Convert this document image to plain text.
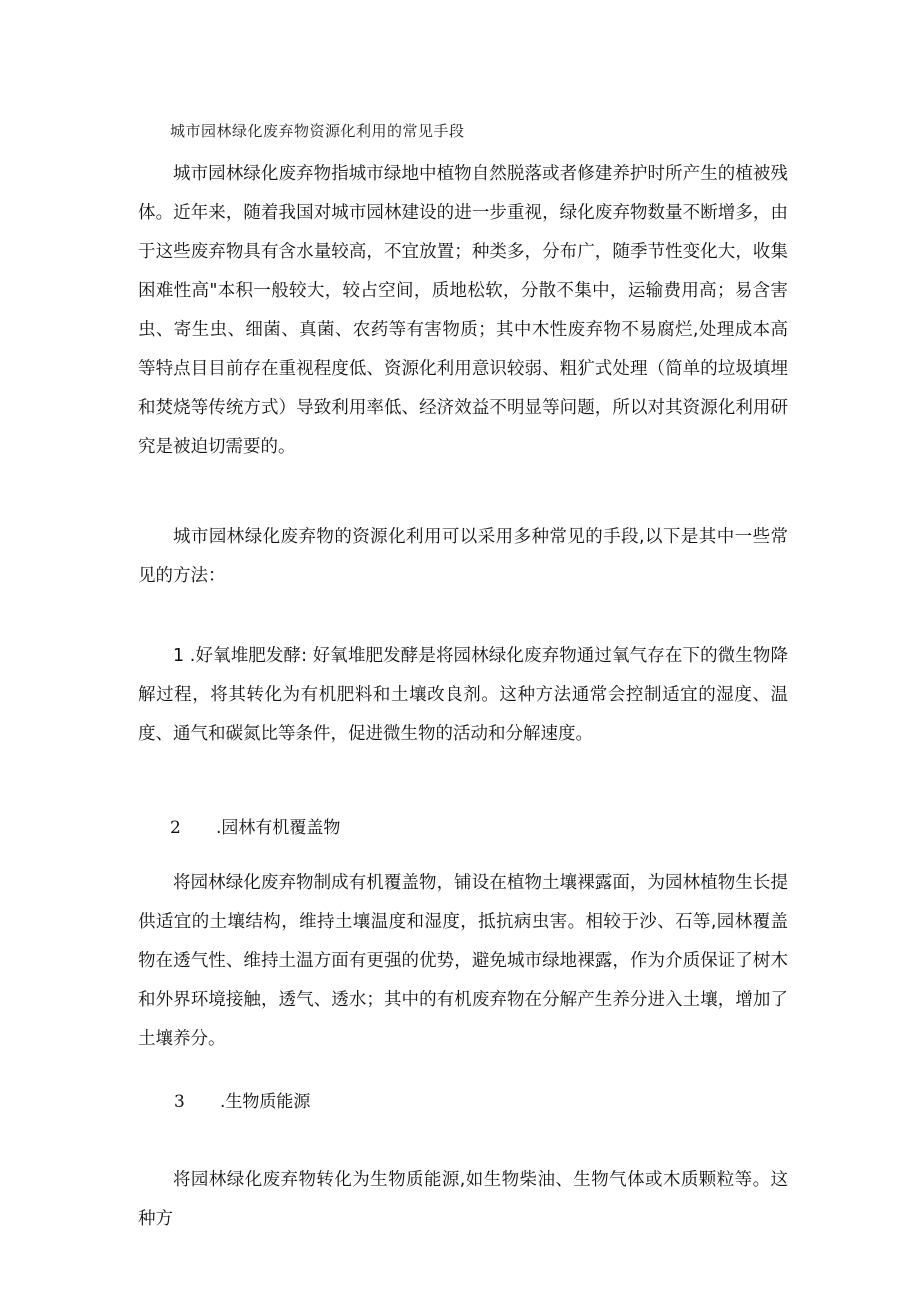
城市园林绿化废弃物资源化利用的常见手段

城市园林绿化废弃物指城市绿地中植物自然脱落或者修建养护时所产生的植被残体。近年来，随着我国对城市园林建设的进一步重视，绿化废弃物数量不断增多，由于这些废弃物具有含水量较高，不宜放置；种类多，分布广，随季节性变化大，收集困难性高"本积一般较大，较占空间，质地松软，分散不集中，运输费用高；易含害虫、寄生虫、细菌、真菌、农药等有害物质；其中木性废弃物不易腐烂,处理成本高等特点目目前存在重视程度低、资源化利用意识较弱、粗犷式处理（简单的垃圾填埋和焚烧等传统方式）导致利用率低、经济效益不明显等问题，所以对其资源化利用研究是被迫切需要的。

城市园林绿化废弃物的资源化利用可以采用多种常见的手段,以下是其中一些常见的方法：

1 .好氧堆肥发酵: 好氧堆肥发酵是将园林绿化废弃物通过氧气存在下的微生物降解过程，将其转化为有机肥料和土壤改良剂。这种方法通常会控制适宜的湿度、温度、通气和碳氮比等条件，促进微生物的活动和分解速度。

2 .园林有机覆盖物

将园林绿化废弃物制成有机覆盖物，铺设在植物土壤裸露面，为园林植物生长提供适宜的土壤结构，维持土壤温度和湿度，抵抗病虫害。相较于沙、石等,园林覆盖物在透气性、维持土温方面有更强的优势，避免城市绿地裸露，作为介质保证了树木和外界环境接触，透气、透水；其中的有机废弃物在分解产生养分进入土壤，增加了土壤养分。

3 .生物质能源

将园林绿化废弃物转化为生物质能源,如生物柴油、生物气体或木质颗粒等。这种方
